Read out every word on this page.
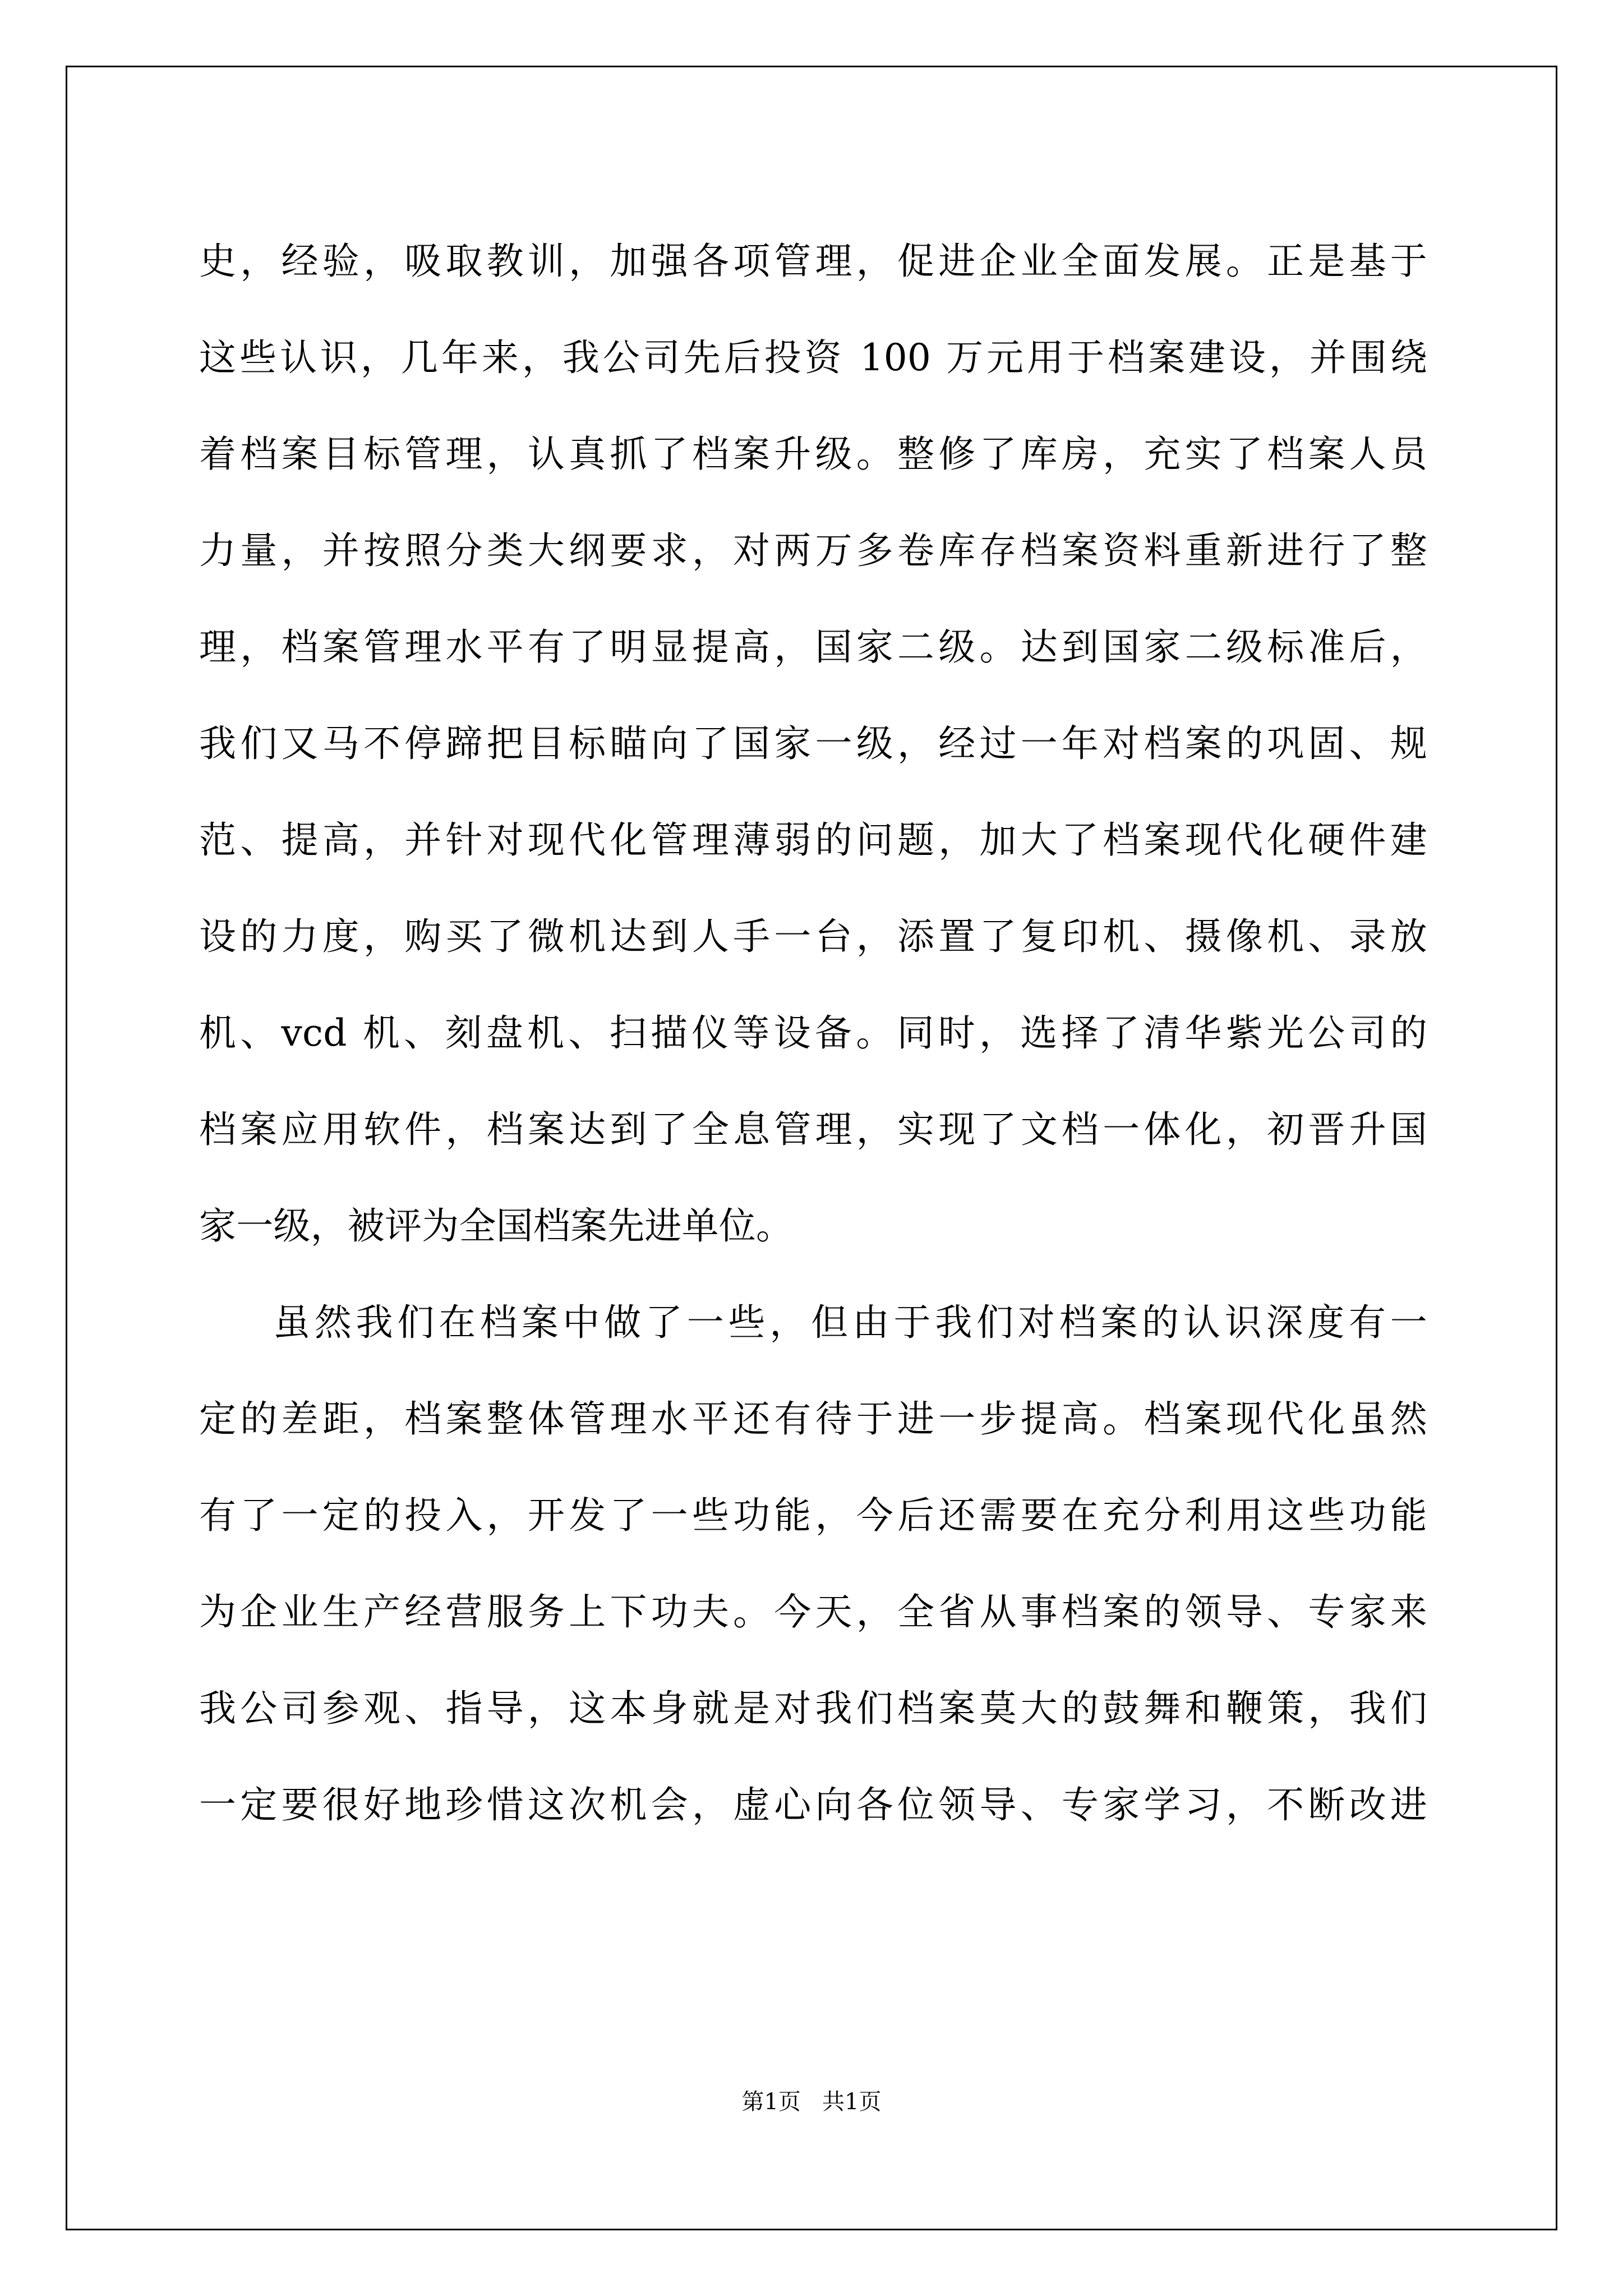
史，经验，吸取教训，加强各项管理，促进企业全面发展。正是基于
这些认识，几年来，我公司先后投资 100 万元用于档案建设，并围绕
着档案目标管理，认真抓了档案升级。整修了库房，充实了档案人员
力量，并按照分类大纲要求，对两万多卷库存档案资料重新进行了整
理，档案管理水平有了明显提高，国家二级。达到国家二级标准后，
我们又马不停蹄把目标瞄向了国家一级，经过一年对档案的巩固、规
范、提高，并针对现代化管理薄弱的问题，加大了档案现代化硬件建
设的力度，购买了微机达到人手一台，添置了复印机、摄像机、录放
机、vcd 机、刻盘机、扫描仪等设备。同时，选择了清华紫光公司的
档案应用软件，档案达到了全息管理，实现了文档一体化，初晋升国
家一级，被评为全国档案先进单位。
虽然我们在档案中做了一些，但由于我们对档案的认识深度有一
定的差距，档案整体管理水平还有待于进一步提高。档案现代化虽然
有了一定的投入，开发了一些功能，今后还需要在充分利用这些功能
为企业生产经营服务上下功夫。今天，全省从事档案的领导、专家来
我公司参观、指导，这本身就是对我们档案莫大的鼓舞和鞭策，我们
一定要很好地珍惜这次机会，虚心向各位领导、专家学习，不断改进
第1页   共1页
